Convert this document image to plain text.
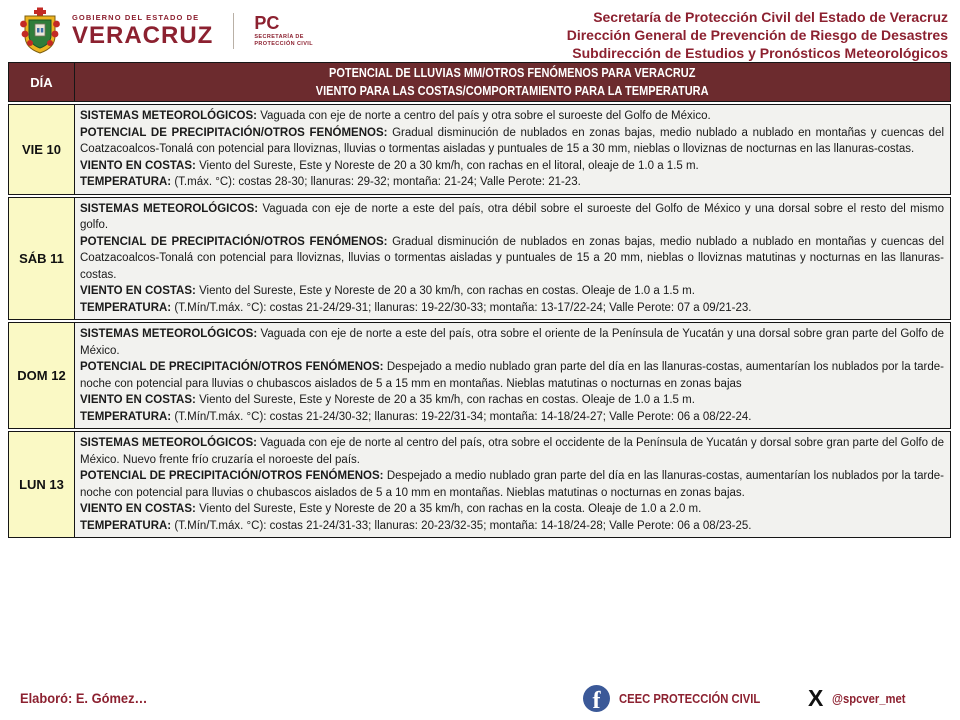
GOBIERNO DEL ESTADO DE
VERACRUZ PC
SECRETARÍA DE
PROTECCIÓN CIVIL
Secretaría de Protección Civil del Estado de Veracruz
Dirección General de Prevención de Riesgo de Desastres
Subdirección de Estudios y Pronósticos Meteorológicos
DÍA
POTENCIAL DE LLUVIAS MM/OTROS FENÓMENOS PARA VERACRUZ
VIENTO PARA LAS COSTAS/COMPORTAMIENTO PARA LA TEMPERATURA
VIE 10
SISTEMAS METEOROLÓGICOS: Vaguada con eje de norte a centro del país y otra sobre el suroeste del Golfo de México.
POTENCIAL DE PRECIPITACIÓN/OTROS FENÓMENOS: Gradual disminución de nublados en zonas bajas, medio nublado a nublado en montañas y cuencas del Coatzacoalcos-Tonalá con potencial para lloviznas, lluvias o tormentas aisladas y puntuales de 15 a 30 mm, nieblas o lloviznas de nocturnas en las llanuras-costas.
VIENTO EN COSTAS: Viento del Sureste, Este y Noreste de 20 a 30 km/h, con rachas en el litoral, oleaje de 1.0 a 1.5 m.
TEMPERATURA: (T.máx. °C): costas 28-30; llanuras: 29-32; montaña: 21-24; Valle Perote: 21-23.
SÁB 11
SISTEMAS METEOROLÓGICOS: Vaguada con eje de norte a este del país, otra débil sobre el suroeste del Golfo de México y una dorsal sobre el resto del mismo golfo.
POTENCIAL DE PRECIPITACIÓN/OTROS FENÓMENOS: Gradual disminución de nublados en zonas bajas, medio nublado a nublado en montañas y cuencas del Coatzacoalcos-Tonalá con potencial para lloviznas, lluvias o tormentas aisladas y puntuales de 15 a 20 mm, nieblas o lloviznas matutinas y nocturnas en las llanuras-costas.
VIENTO EN COSTAS: Viento del Sureste, Este y Noreste de 20 a 30 km/h, con rachas en costas. Oleaje de 1.0 a 1.5 m.
TEMPERATURA: (T.Mín/T.máx. °C): costas 21-24/29-31; llanuras: 19-22/30-33; montaña: 13-17/22-24; Valle Perote: 07 a 09/21-23.
DOM 12
SISTEMAS METEOROLÓGICOS: Vaguada con eje de norte a este del país, otra sobre el oriente de la Península de Yucatán y una dorsal sobre gran parte del Golfo de México.
POTENCIAL DE PRECIPITACIÓN/OTROS FENÓMENOS: Despejado a medio nublado gran parte del día en las llanuras-costas, aumentarían los nublados por la tarde-noche con potencial para lluvias o chubascos aislados de 5 a 15 mm en montañas. Nieblas matutinas o nocturnas en zonas bajas
VIENTO EN COSTAS: Viento del Sureste, Este y Noreste de 20 a 35 km/h, con rachas en costas. Oleaje de 1.0 a 1.5 m.
TEMPERATURA: (T.Mín/T.máx. °C): costas 21-24/30-32; llanuras: 19-22/31-34; montaña: 14-18/24-27; Valle Perote: 06 a 08/22-24.
LUN 13
SISTEMAS METEOROLÓGICOS: Vaguada con eje de norte al centro del país, otra sobre el occidente de la Península de Yucatán y dorsal sobre gran parte del Golfo de México. Nuevo frente frío cruzaría el noroeste del país.
POTENCIAL DE PRECIPITACIÓN/OTROS FENÓMENOS: Despejado a medio nublado gran parte del día en las llanuras-costas, aumentarían los nublados por la tarde-noche con potencial para lluvias o chubascos aislados de 5 a 10 mm en montañas. Nieblas matutinas o nocturnas en zonas bajas.
VIENTO EN COSTAS: Viento del Sureste, Este y Noreste de 20 a 35 km/h, con rachas en la costa. Oleaje de 1.0 a 2.0 m.
TEMPERATURA: (T.Mín/T.máx. °C): costas 21-24/31-33; llanuras: 20-23/32-35; montaña: 14-18/24-28; Valle Perote: 06 a 08/23-25.
Elaboró: E. Gómez…	f CEEC PROTECCIÓN CIVIL X @spcver_met
